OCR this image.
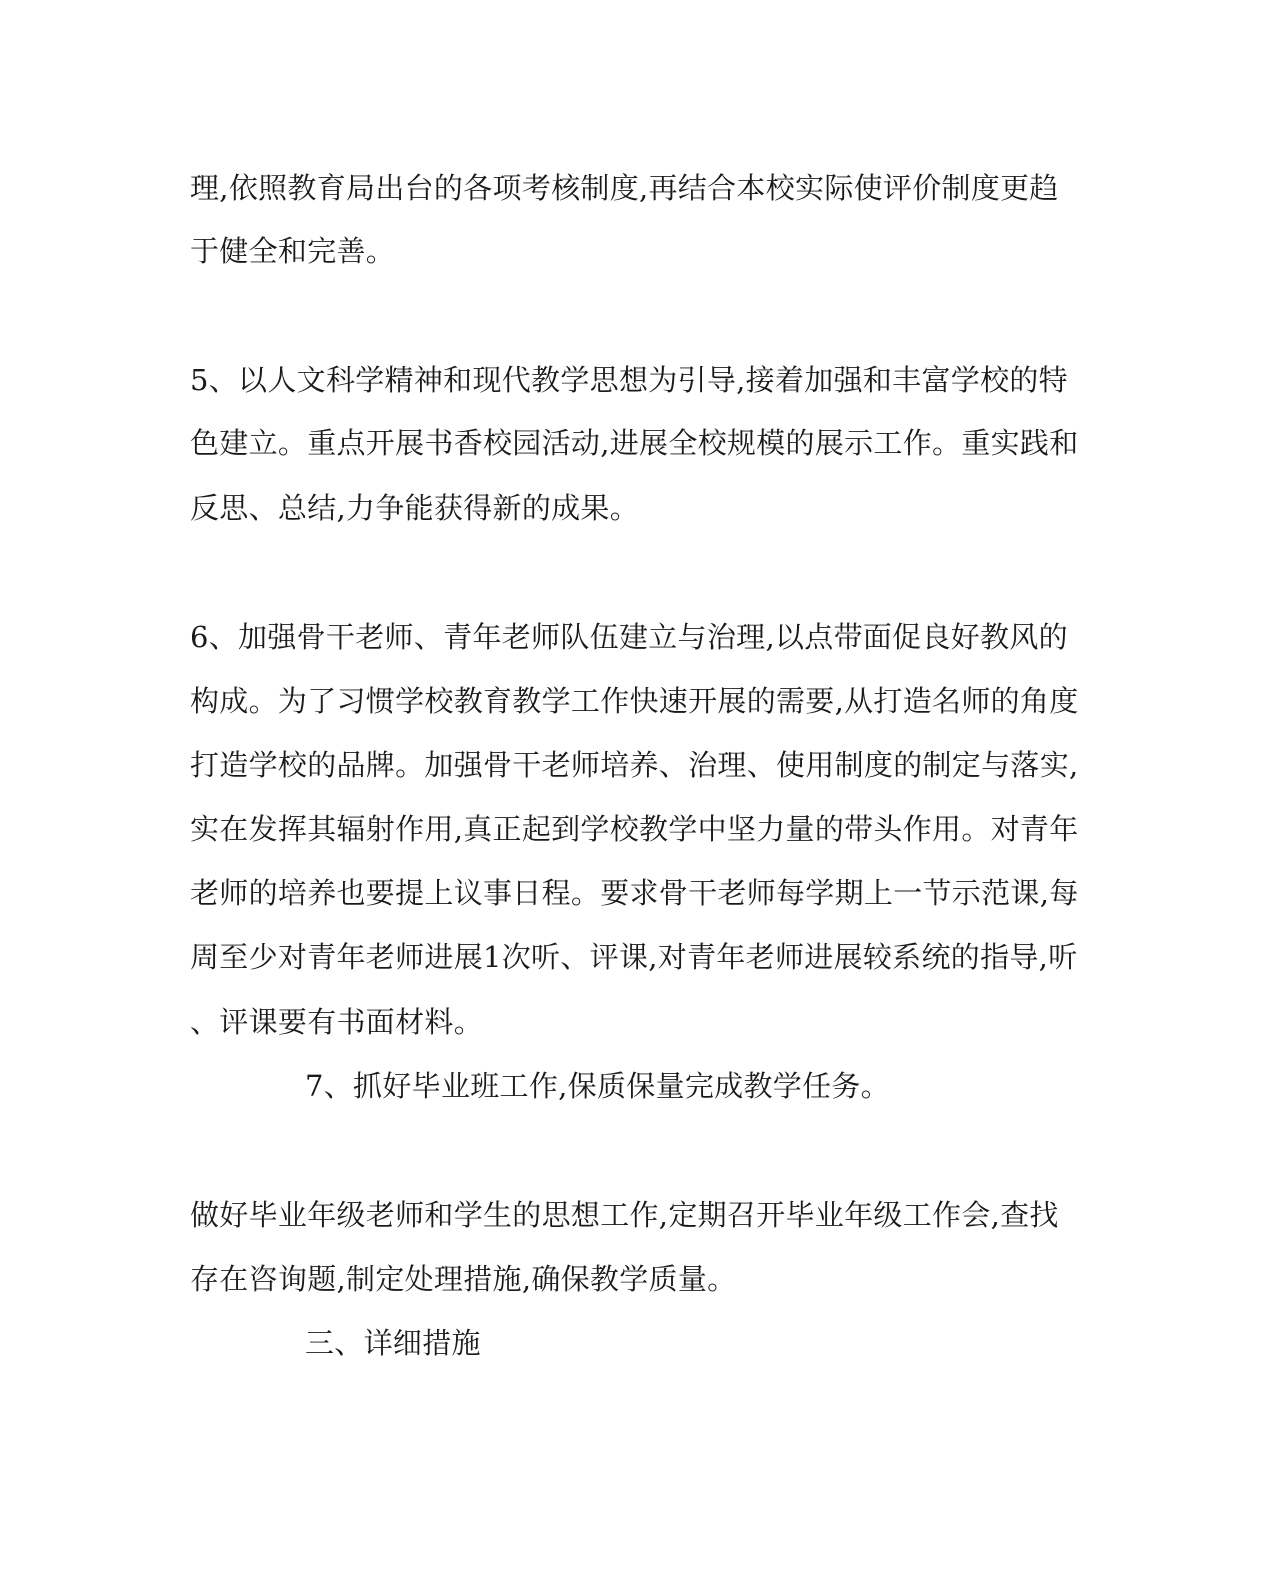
理,依照教育局出台的各项考核制度,再结合本校实际使评价制度更趋
于健全和完善。
5、以人文科学精神和现代教学思想为引导,接着加强和丰富学校的特
色建立。重点开展书香校园活动,进展全校规模的展示工作。重实践和
反思、总结,力争能获得新的成果。
6、加强骨干老师、青年老师队伍建立与治理,以点带面促良好教风的
构成。为了习惯学校教育教学工作快速开展的需要,从打造名师的角度
打造学校的品牌。加强骨干老师培养、治理、使用制度的制定与落实,
实在发挥其辐射作用,真正起到学校教学中坚力量的带头作用。对青年
老师的培养也要提上议事日程。要求骨干老师每学期上一节示范课,每
周至少对青年老师进展1次听、评课,对青年老师进展较系统的指导,听
、评课要有书面材料。
7、抓好毕业班工作,保质保量完成教学任务。
做好毕业年级老师和学生的思想工作,定期召开毕业年级工作会,查找
存在咨询题,制定处理措施,确保教学质量。
三、详细措施
